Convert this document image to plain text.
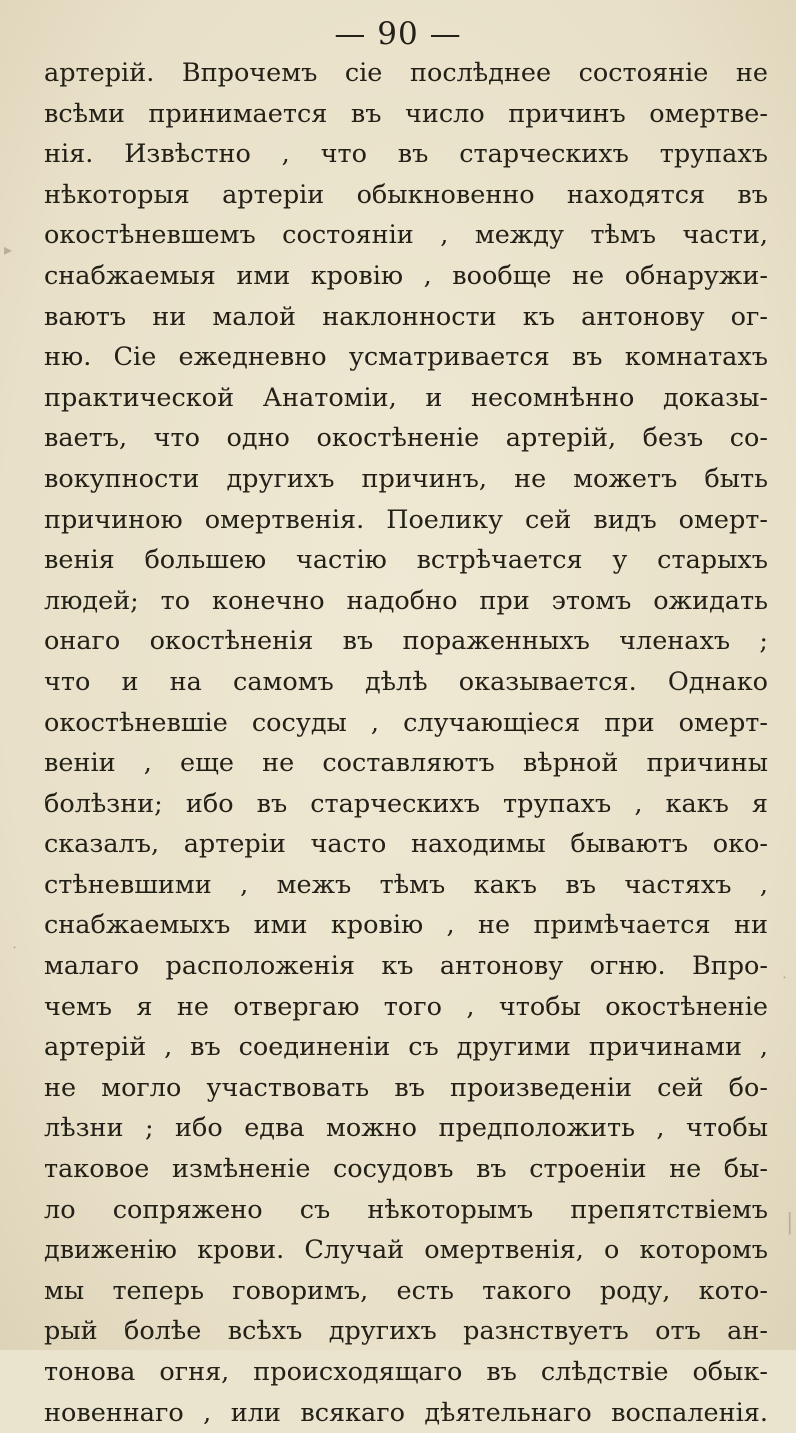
— 90 —
артерій. Впрочемъ сіе послѣднее состояніе не
всѣми принимается въ число причинъ омертве-
нія. Извѣстно , что въ старческихъ трупахъ
нѣкоторыя артеріи обыкновенно находятся въ
окостѣневшемъ состояніи , между тѣмъ части,
снабжаемыя ими кровію , вообще не обнаружи-
ваютъ ни малой наклонности къ антонову ог-
ню. Сіе ежедневно усматривается въ комнатахъ
практической Анатоміи, и несомнѣнно доказы-
ваетъ, что одно окостѣненіе артерій, безъ со-
вокупности другихъ причинъ, не можетъ быть
причиною омертвенія. Поелику сей видъ омерт-
венія большею частію встрѣчается у старыхъ
людей; то конечно надобно при этомъ ожидать
онаго окостѣненія въ пораженныхъ членахъ ;
что и на самомъ дѣлѣ оказывается. Однако
окостѣневшіе сосуды , случающіеся при омерт-
веніи , еще не составляютъ вѣрной причины
болѣзни; ибо въ старческихъ трупахъ , какъ я
сказалъ, артеріи часто находимы бываютъ око-
стѣневшими , межъ тѣмъ какъ въ частяхъ ,
снабжаемыхъ ими кровію , не примѣчается ни
малаго расположенія къ антонову огню. Впро-
чемъ я не отвергаю того , чтобы окостѣненіе
артерій , въ соединеніи съ другими причинами ,
не могло участвовать въ произведеніи сей бо-
лѣзни ; ибо едва можно предположить , чтобы
таковое измѣненіе сосудовъ въ строеніи не бы-
ло сопряжено съ нѣкоторымъ препятствіемъ
движенію крови. Случай омертвенія, о которомъ
мы теперь говоримъ, есть такого роду, кото-
рый болѣе всѣхъ другихъ разнствуетъ отъ ан-
тонова огня, происходящаго въ слѣдствіе обык-
новеннаго , или всякаго дѣятельнаго воспаленія.
▸
·
·
|
